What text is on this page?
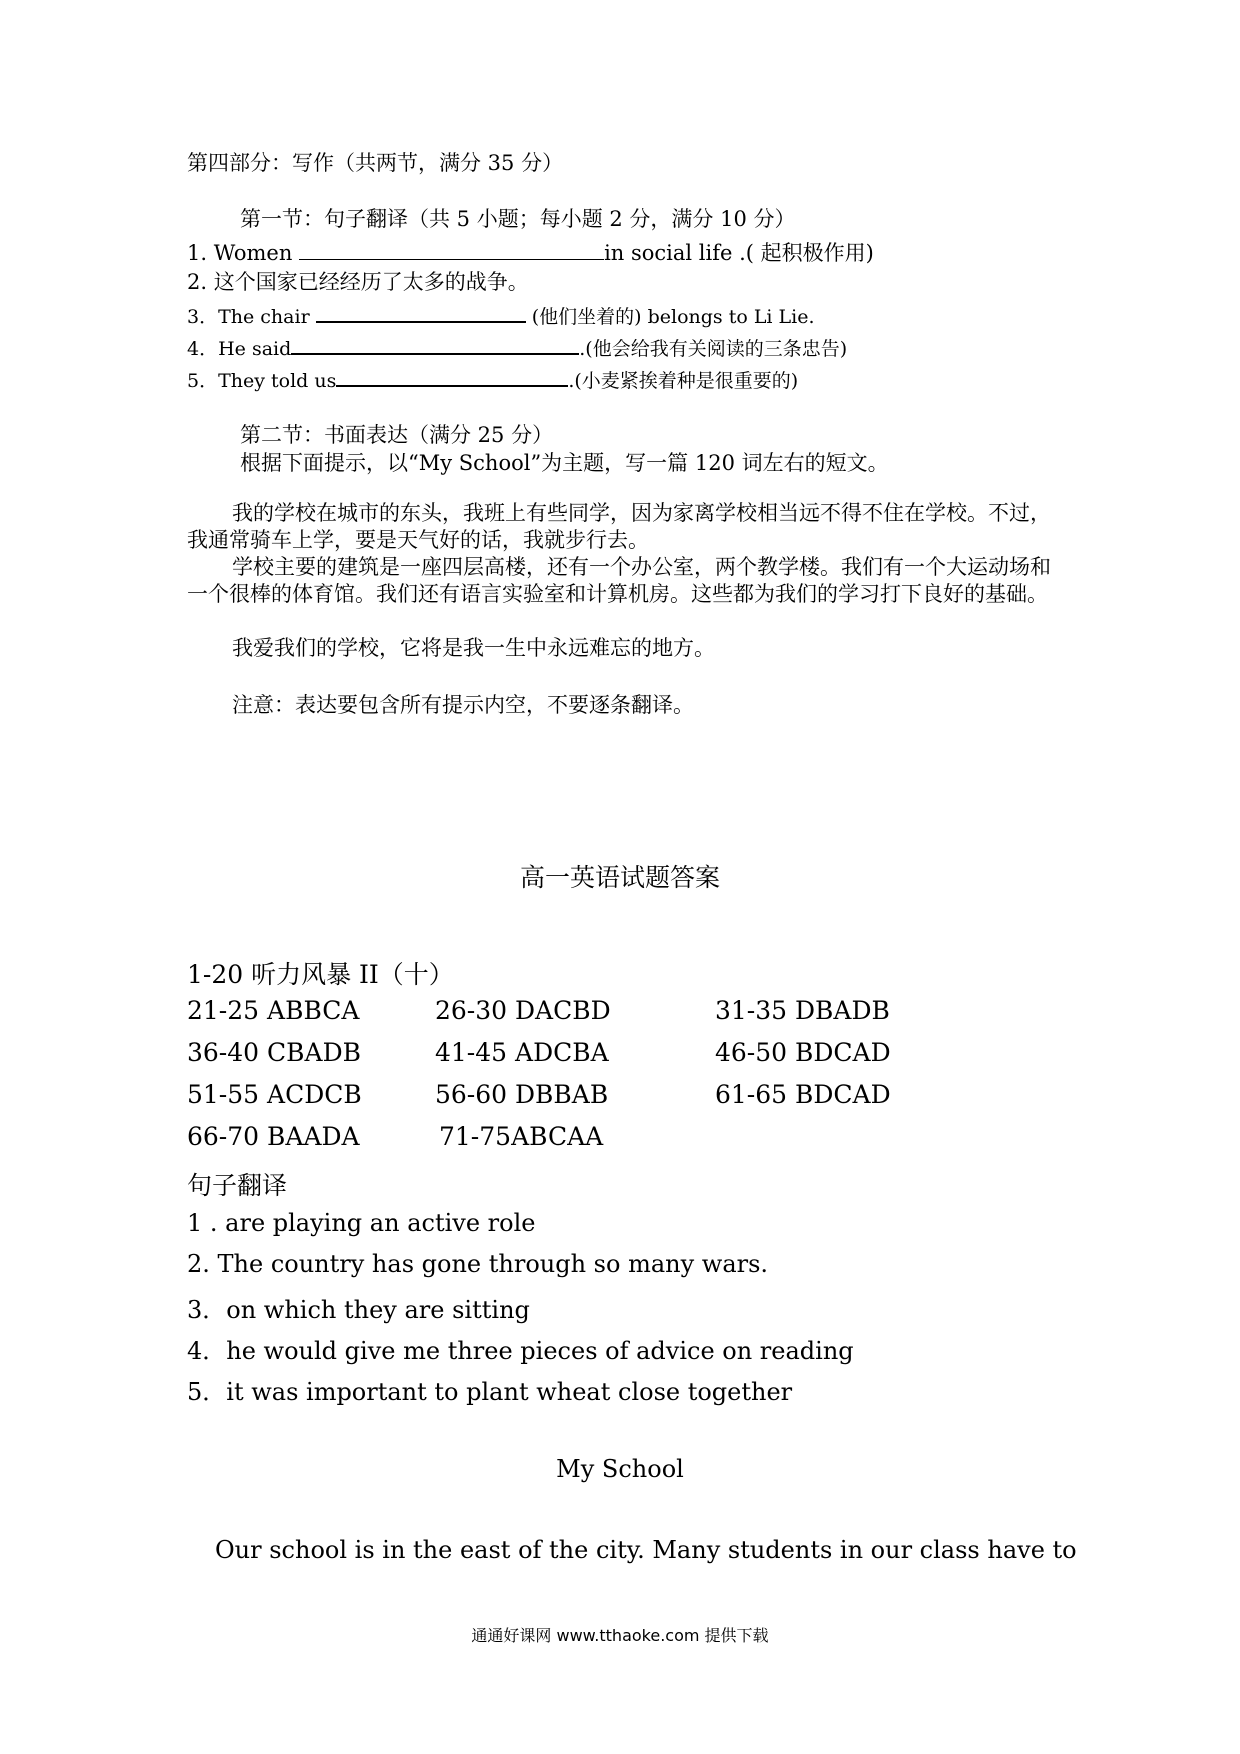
第四部分：写作（共两节，满分 35 分）
第一节：句子翻译（共 5 小题；每小题 2 分，满分 10 分）
1. Women	in social life .( 起积极作用)
2. 这个国家已经经历了太多的战争。
3．The chair	(他们坐着的) belongs to Li Lie.
4．He said	.(他会给我有关阅读的三条忠告)
5．They told us	.(小麦紧挨着种是很重要的)
第二节：书面表达（满分 25 分）
根据下面提示，以“My School”为主题，写一篇 120 词左右的短文。
我的学校在城市的东头，我班上有些同学，因为家离学校相当远不得不住在学校。不过，我通常骑车上学，要是天气好的话，我就步行去。
学校主要的建筑是一座四层高楼，还有一个办公室，两个教学楼。我们有一个大运动场和一个很棒的体育馆。我们还有语言实验室和计算机房。这些都为我们的学习打下良好的基础。
我爱我们的学校，它将是我一生中永远难忘的地方。
注意：表达要包含所有提示内空，不要逐条翻译。
高一英语试题答案
1-20 听力风暴 II（十）
21-25 ABBCA	26-30 DACBD	31-35 DBADB
36-40 CBADB	41-45 ADCBA	46-50 BDCAD
51-55 ACDCB	56-60 DBBAB	61-65 BDCAD
66-70 BAADA	71-75ABCAA
句子翻译
1 . are playing an active role
2. The country has gone through so many wars.
3．on which they are sitting
4．he would give me three pieces of advice on reading
5．it was important to plant wheat close together
My School
Our school is in the east of the city. Many students in our class have to
通通好课网 www.tthaoke.com 提供下载
